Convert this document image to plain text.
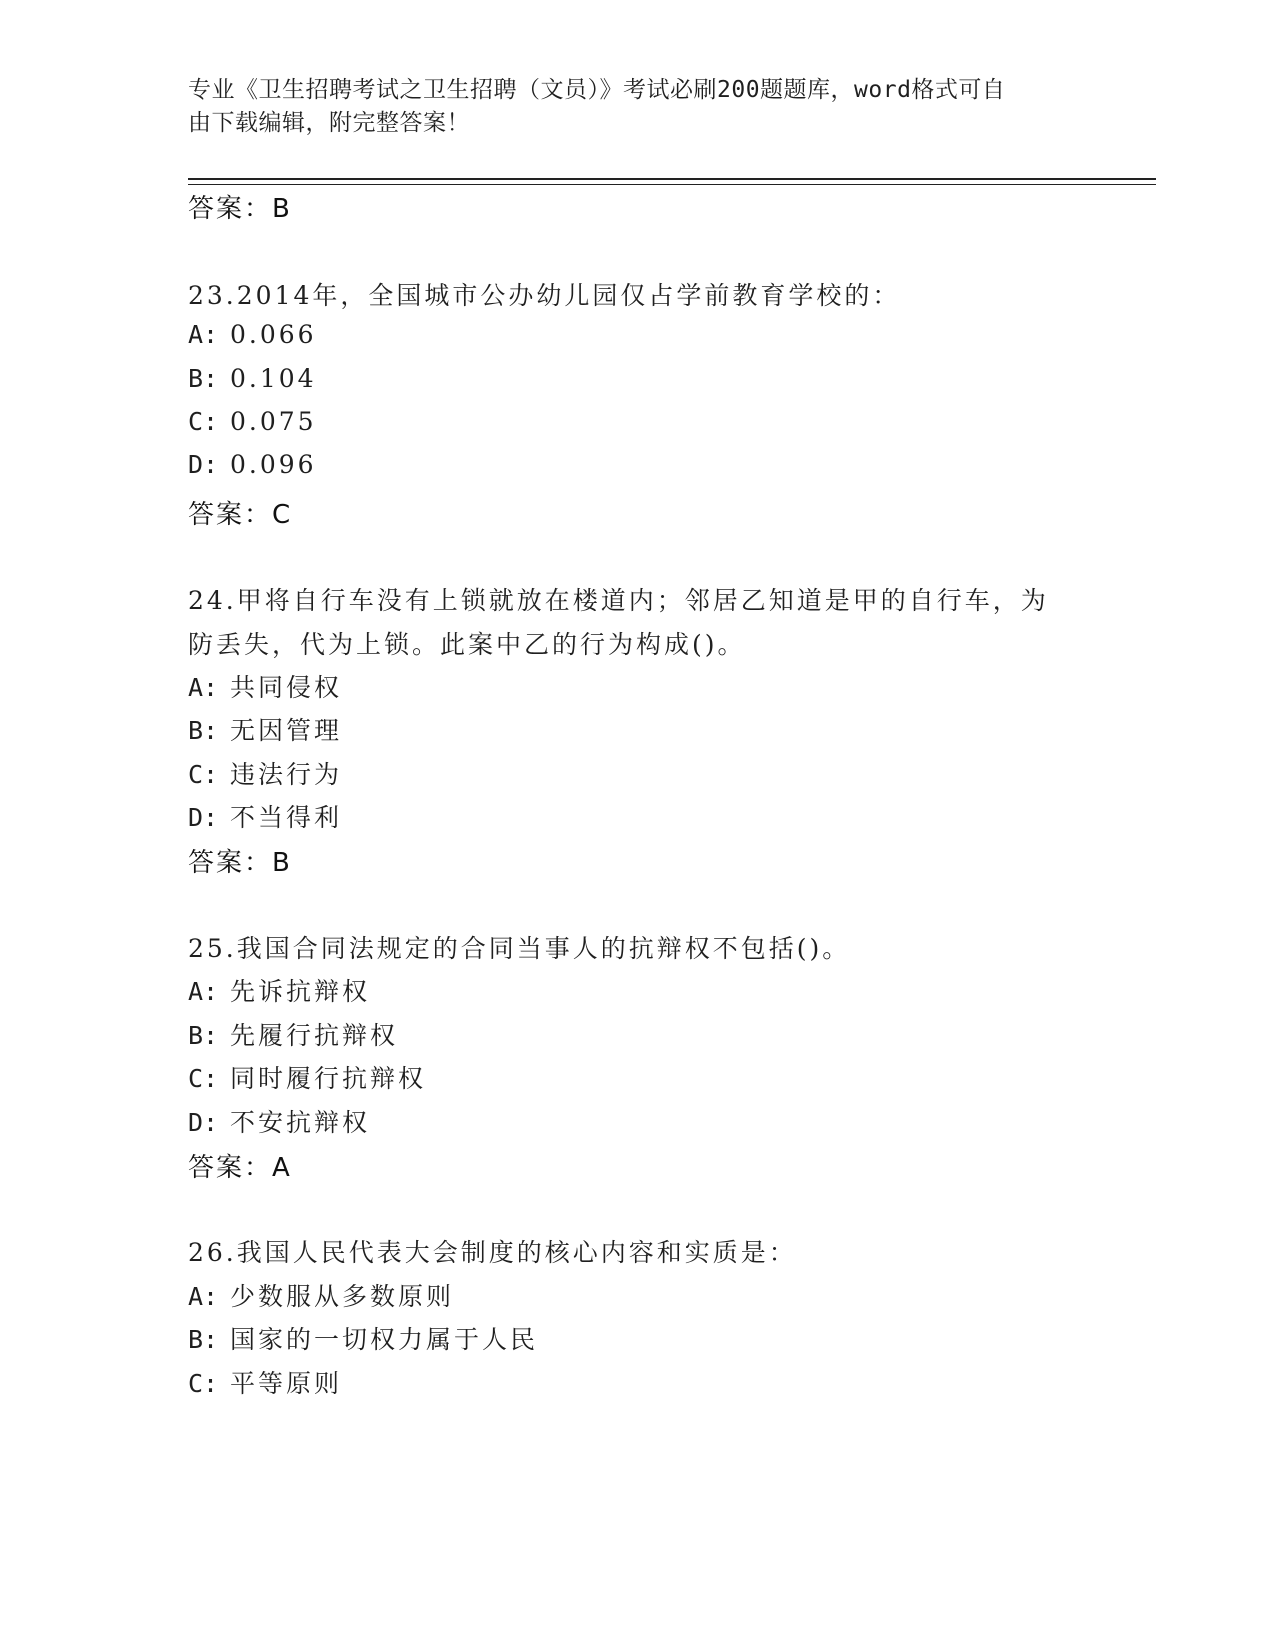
专业《卫生招聘考试之卫生招聘（文员）》考试必刷200题题库，word格式可自
由下载编辑，附完整答案！
答案：B
23.2014年，全国城市公办幼儿园仅占学前教育学校的：
A: 0.066
B: 0.104
C: 0.075
D: 0.096
答案：C
24.甲将自行车没有上锁就放在楼道内；邻居乙知道是甲的自行车，为
防丢失，代为上锁。此案中乙的行为构成()。
A: 共同侵权
B: 无因管理
C: 违法行为
D: 不当得利
答案：B
25.我国合同法规定的合同当事人的抗辩权不包括()。
A: 先诉抗辩权
B: 先履行抗辩权
C: 同时履行抗辩权
D: 不安抗辩权
答案：A
26.我国人民代表大会制度的核心内容和实质是：
A: 少数服从多数原则
B: 国家的一切权力属于人民
C: 平等原则
